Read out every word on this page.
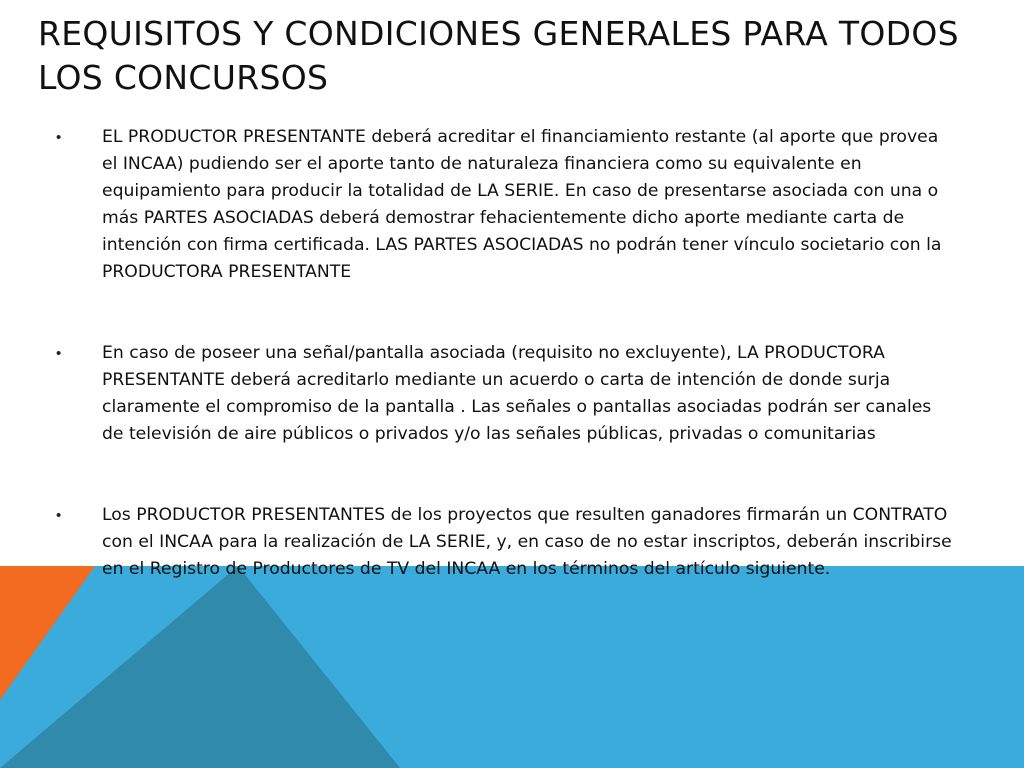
REQUISITOS Y CONDICIONES GENERALES PARA TODOS LOS CONCURSOS
• EL PRODUCTOR PRESENTANTE deberá acreditar el financiamiento restante (al aporte que provea el INCAA) pudiendo ser el aporte tanto de naturaleza financiera como su equivalente en equipamiento para producir la totalidad de LA SERIE. En caso de presentarse asociada con una o más PARTES ASOCIADAS deberá demostrar fehacientemente dicho aporte mediante carta de intención con firma certificada. LAS PARTES ASOCIADAS no podrán tener vínculo societario con la PRODUCTORA PRESENTANTE
• En caso de poseer una señal/pantalla asociada (requisito no excluyente), LA PRODUCTORA PRESENTANTE deberá acreditarlo mediante un acuerdo o carta de intención de donde surja claramente el compromiso de la pantalla . Las señales o pantallas asociadas podrán ser canales de televisión de aire públicos o privados y/o las señales públicas, privadas o comunitarias
• Los PRODUCTOR PRESENTANTES de los proyectos que resulten ganadores firmarán un CONTRATO con el INCAA para la realización de LA SERIE, y, en caso de no estar inscriptos, deberán inscribirse en el Registro de Productores de TV del INCAA en los términos del artículo siguiente.
